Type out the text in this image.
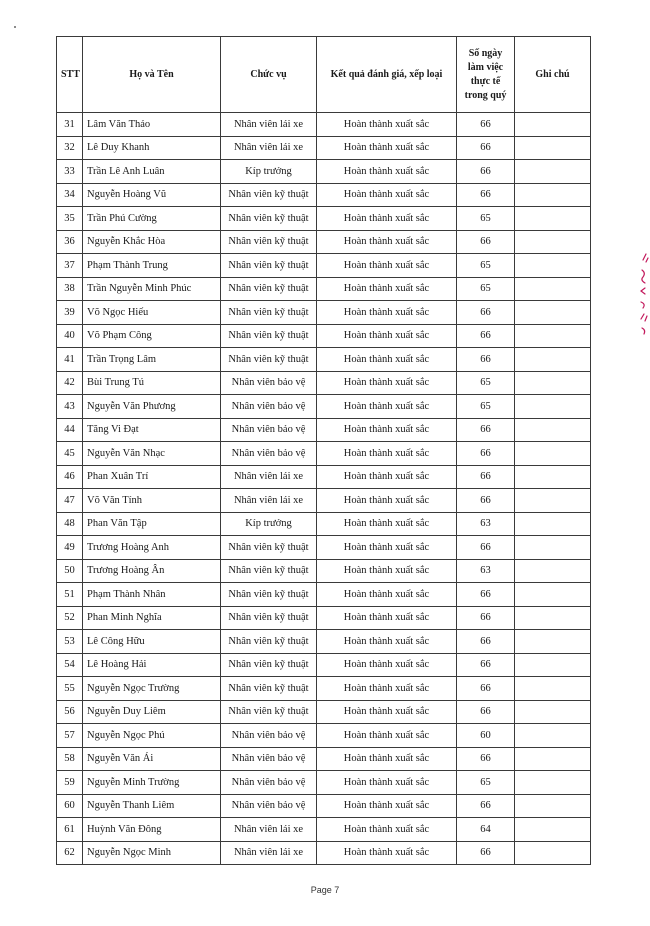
STT	Họ và Tên	Chức vụ	Kết quả đánh giá, xếp loại	Số ngày làm việc thực tế trong quý	Ghi chú
31	Lâm Văn Thảo	Nhân viên lái xe	Hoàn thành xuất sắc	66	
32	Lê Duy Khanh	Nhân viên lái xe	Hoàn thành xuất sắc	66	
33	Trần Lê Anh Luân	Kíp trưởng	Hoàn thành xuất sắc	66	
34	Nguyễn Hoàng Vũ	Nhân viên kỹ thuật	Hoàn thành xuất sắc	66	
35	Trần Phú Cường	Nhân viên kỹ thuật	Hoàn thành xuất sắc	65	
36	Nguyễn Khắc Hòa	Nhân viên kỹ thuật	Hoàn thành xuất sắc	66	
37	Phạm Thành Trung	Nhân viên kỹ thuật	Hoàn thành xuất sắc	65	
38	Trần Nguyễn Minh Phúc	Nhân viên kỹ thuật	Hoàn thành xuất sắc	65	
39	Võ Ngọc Hiếu	Nhân viên kỹ thuật	Hoàn thành xuất sắc	66	
40	Võ Phạm Công	Nhân viên kỹ thuật	Hoàn thành xuất sắc	66	
41	Trần Trọng Lâm	Nhân viên kỹ thuật	Hoàn thành xuất sắc	66	
42	Bùi Trung Tú	Nhân viên bảo vệ	Hoàn thành xuất sắc	65	
43	Nguyễn Văn Phương	Nhân viên bảo vệ	Hoàn thành xuất sắc	65	
44	Tăng Vi Đạt	Nhân viên bảo vệ	Hoàn thành xuất sắc	66	
45	Nguyễn Văn Nhạc	Nhân viên bảo vệ	Hoàn thành xuất sắc	66	
46	Phan Xuân Trí	Nhân viên lái xe	Hoàn thành xuất sắc	66	
47	Võ Văn Tính	Nhân viên lái xe	Hoàn thành xuất sắc	66	
48	Phan Văn Tập	Kíp trưởng	Hoàn thành xuất sắc	63	
49	Trương Hoàng Anh	Nhân viên kỹ thuật	Hoàn thành xuất sắc	66	
50	Trương Hoàng Ân	Nhân viên kỹ thuật	Hoàn thành xuất sắc	63	
51	Phạm Thành Nhân	Nhân viên kỹ thuật	Hoàn thành xuất sắc	66	
52	Phan Minh Nghĩa	Nhân viên kỹ thuật	Hoàn thành xuất sắc	66	
53	Lê Công Hữu	Nhân viên kỹ thuật	Hoàn thành xuất sắc	66	
54	Lê Hoàng Hải	Nhân viên kỹ thuật	Hoàn thành xuất sắc	66	
55	Nguyễn Ngọc Trường	Nhân viên kỹ thuật	Hoàn thành xuất sắc	66	
56	Nguyễn Duy Liêm	Nhân viên kỹ thuật	Hoàn thành xuất sắc	66	
57	Nguyễn Ngọc Phú	Nhân viên bảo vệ	Hoàn thành xuất sắc	60	
58	Nguyễn Văn Ái	Nhân viên bảo vệ	Hoàn thành xuất sắc	66	
59	Nguyễn Minh Trường	Nhân viên bảo vệ	Hoàn thành xuất sắc	65	
60	Nguyễn Thanh Liêm	Nhân viên bảo vệ	Hoàn thành xuất sắc	66	
61	Huỳnh Văn Đông	Nhân viên lái xe	Hoàn thành xuất sắc	64	
62	Nguyễn Ngọc Minh	Nhân viên lái xe	Hoàn thành xuất sắc	66	
Page 7
